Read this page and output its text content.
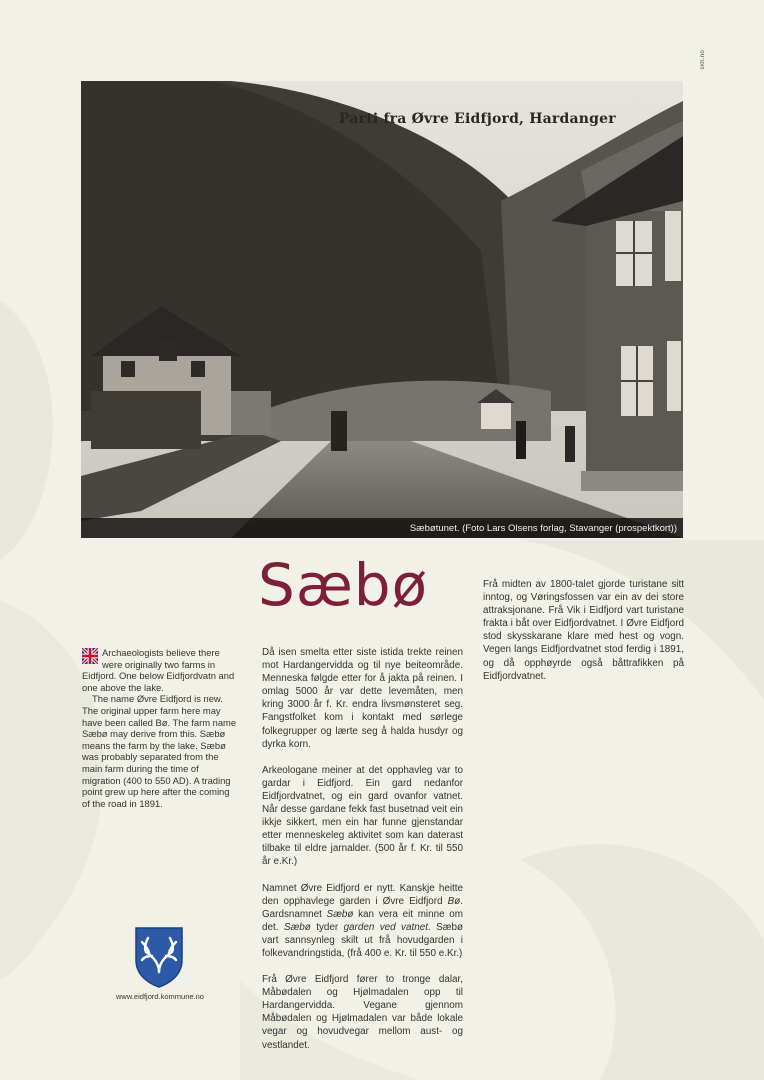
skh.no
Parti fra Øvre Eidfjord, Hardanger
Sæbøtunet. (Foto Lars Olsens forlag, Stavanger (prospektkort))
Sæbø

Archaeologists believe there were originally two farms in Eidfjord. One below Eidfjordvatn and one above the lake.

The name Øvre Eidfjord is new. The original upper farm here may have been called Bø. The farm name Sæbø may derive from this. Sæbø means the farm by the lake. Sæbø was probably separated from the main farm during the time of migration (400 to 550 AD). A trading point grew up here after the coming of the road in 1891.

Då isen smelta etter siste istida trekte reinen mot Hardangervidda og til nye beiteområde. Menneska følgde etter for å jakta på reinen. I omlag 5000 år var dette levemåten, men kring 3000 år f. Kr. endra livsmønsteret seg. Fangstfolket kom i kontakt med sørlege folkegrupper og lærte seg å halda husdyr og dyrka korn.

Arkeologane meiner at det opphavleg var to gardar i Eidfjord. Ein gard nedanfor Eidfjordvatnet, og ein gard ovanfor vatnet. Når desse gardane fekk fast busetnad veit ein ikkje sikkert, men ein har funne gjenstandar etter menneskeleg aktivitet som kan daterast tilbake til eldre jarnalder. (500 år f. Kr. til 550 år e.Kr.)

Namnet Øvre Eidfjord er nytt. Kanskje heitte den opphavlege garden i Øvre Eidfjord Bø. Gardsnamnet Sæbø kan vera eit minne om det. Sæbø tyder garden ved vatnet. Sæbø vart sannsynleg skilt ut frå hovudgarden i folkevandringstida, (frå 400 e. Kr. til 550 e.Kr.)

Frå Øvre Eidfjord fører to tronge dalar, Måbødalen og Hjølmadalen opp til Hardangervidda. Vegane gjennom Måbødalen og Hjølmadalen var både lokale vegar og hovudvegar mellom aust- og vestlandet.

Frå midten av 1800-talet gjorde turistane sitt inntog, og Vøringsfossen var ein av dei store attraksjonane. Frå Vik i Eidfjord vart turistane frakta i båt over Eidfjordvatnet. I Øvre Eidfjord stod skysskarane klare med hest og vogn. Vegen langs Eidfjordvatnet stod ferdig i 1891, og då opphøyrde også båttrafikken på Eidfjordvatnet.

www.eidfjord.kommune.no
